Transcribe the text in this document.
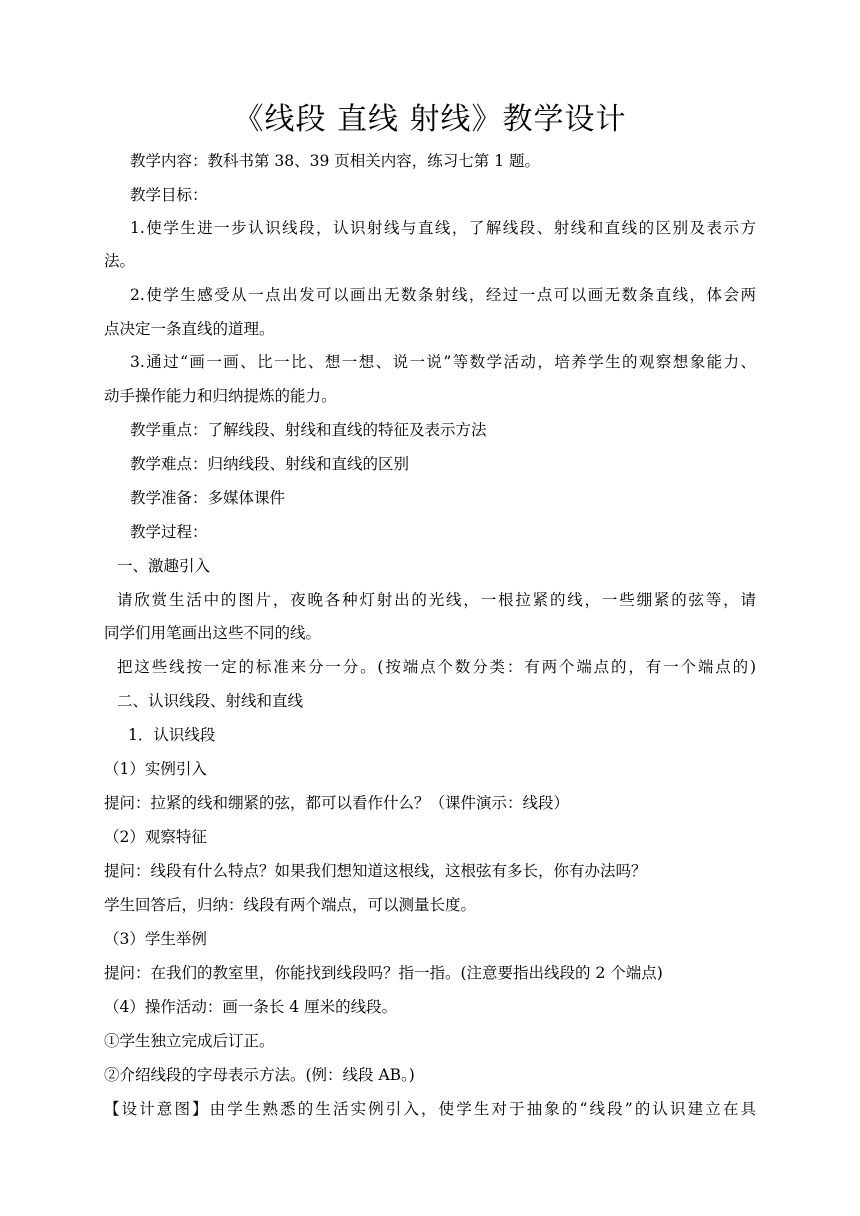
《线段 直线 射线》教学设计
教学内容：教科书第 38、39 页相关内容，练习七第 1 题。
教学目标：
1.使学生进一步认识线段，认识射线与直线，了解线段、射线和直线的区别及表示方
法。
2.使学生感受从一点出发可以画出无数条射线，经过一点可以画无数条直线，体会两
点决定一条直线的道理。
3.通过“画一画、比一比、想一想、说一说”等数学活动，培养学生的观察想象能力、
动手操作能力和归纳提炼的能力。
教学重点：了解线段、射线和直线的特征及表示方法
教学难点：归纳线段、射线和直线的区别
教学准备：多媒体课件
教学过程：
一、激趣引入
请欣赏生活中的图片，夜晚各种灯射出的光线，一根拉紧的线，一些绷紧的弦等，请
同学们用笔画出这些不同的线。
把这些线按一定的标准来分一分。(按端点个数分类：有两个端点的，有一个端点的)
二、认识线段、射线和直线
1．认识线段
（1）实例引入
提问：拉紧的线和绷紧的弦，都可以看作什么？（课件演示：线段）
（2）观察特征
提问：线段有什么特点？如果我们想知道这根线，这根弦有多长，你有办法吗？
学生回答后，归纳：线段有两个端点，可以测量长度。
（3）学生举例
提问：在我们的教室里，你能找到线段吗？指一指。(注意要指出线段的 2 个端点)
（4）操作活动：画一条长 4 厘米的线段。
①学生独立完成后订正。
②介绍线段的字母表示方法。(例：线段 AB。)
【设计意图】由学生熟悉的生活实例引入，使学生对于抽象的“线段”的认识建立在具
